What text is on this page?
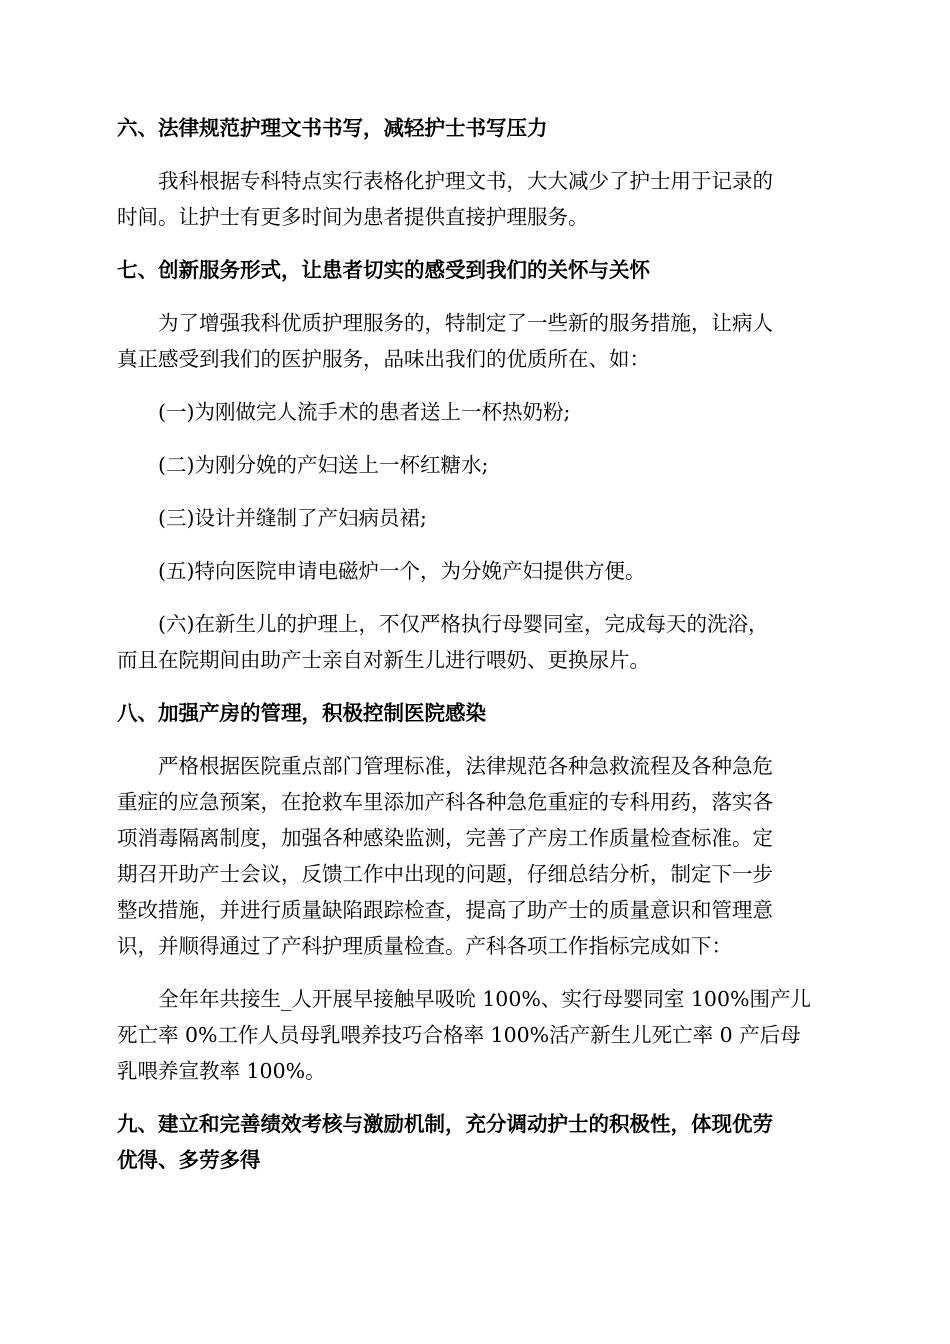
六、法律规范护理文书书写，减轻护士书写压力

我科根据专科特点实行表格化护理文书，大大减少了护士用于记录的
时间。让护士有更多时间为患者提供直接护理服务。

七、创新服务形式，让患者切实的感受到我们的关怀与关怀

为了增强我科优质护理服务的，特制定了一些新的服务措施，让病人
真正感受到我们的医护服务，品味出我们的优质所在、如：

(一)为刚做完人流手术的患者送上一杯热奶粉;

(二)为刚分娩的产妇送上一杯红糖水;

(三)设计并缝制了产妇病员裙;

(五)特向医院申请电磁炉一个，为分娩产妇提供方便。

(六)在新生儿的护理上，不仅严格执行母婴同室，完成每天的洗浴，
而且在院期间由助产士亲自对新生儿进行喂奶、更换尿片。

八、加强产房的管理，积极控制医院感染

严格根据医院重点部门管理标准，法律规范各种急救流程及各种急危
重症的应急预案，在抢救车里添加产科各种急危重症的专科用药，落实各
项消毒隔离制度，加强各种感染监测，完善了产房工作质量检查标准。定
期召开助产士会议，反馈工作中出现的问题，仔细总结分析，制定下一步
整改措施，并进行质量缺陷跟踪检查，提高了助产士的质量意识和管理意
识，并顺得通过了产科护理质量检查。产科各项工作指标完成如下：

全年年共接生_人开展早接触早吸吮 100%、实行母婴同室 100%围产儿
死亡率 0%工作人员母乳喂养技巧合格率 100%活产新生儿死亡率 0 产后母
乳喂养宣教率 100%。

九、建立和完善绩效考核与激励机制，充分调动护士的积极性，体现优劳
优得、多劳多得
